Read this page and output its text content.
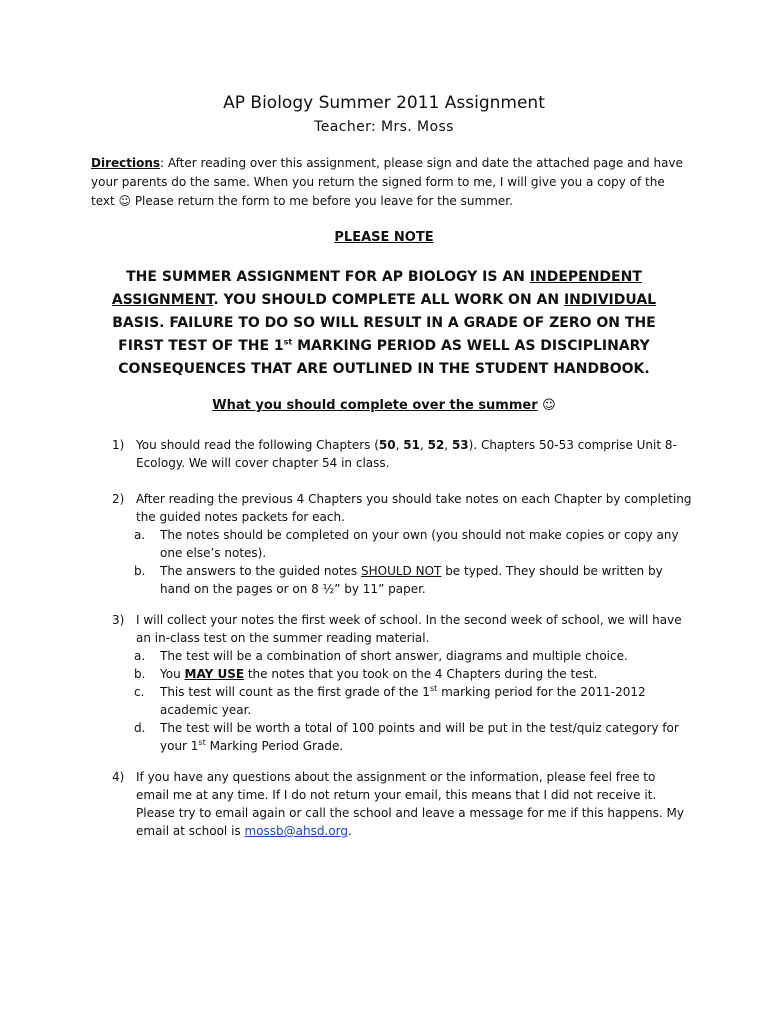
AP Biology Summer 2011 Assignment
Teacher: Mrs. Moss
Directions: After reading over this assignment, please sign and date the attached page and have your parents do the same. When you return the signed form to me, I will give you a copy of the text ☺ Please return the form to me before you leave for the summer.
PLEASE NOTE
THE SUMMER ASSIGNMENT FOR AP BIOLOGY IS AN INDEPENDENT ASSIGNMENT. YOU SHOULD COMPLETE ALL WORK ON AN INDIVIDUAL BASIS. FAILURE TO DO SO WILL RESULT IN A GRADE OF ZERO ON THE FIRST TEST OF THE 1st MARKING PERIOD AS WELL AS DISCIPLINARY CONSEQUENCES THAT ARE OUTLINED IN THE STUDENT HANDBOOK.
What you should complete over the summer ☺
1) You should read the following Chapters (50, 51, 52, 53). Chapters 50-53 comprise Unit 8- Ecology. We will cover chapter 54 in class.
2) After reading the previous 4 Chapters you should take notes on each Chapter by completing the guided notes packets for each.
a. The notes should be completed on your own (you should not make copies or copy any one else’s notes).
b. The answers to the guided notes SHOULD NOT be typed. They should be written by hand on the pages or on 8 ½” by 11” paper.
3) I will collect your notes the first week of school. In the second week of school, we will have an in-class test on the summer reading material.
a. The test will be a combination of short answer, diagrams and multiple choice.
b. You MAY USE the notes that you took on the 4 Chapters during the test.
c. This test will count as the first grade of the 1st marking period for the 2011-2012 academic year.
d. The test will be worth a total of 100 points and will be put in the test/quiz category for your 1st Marking Period Grade.
4) If you have any questions about the assignment or the information, please feel free to email me at any time. If I do not return your email, this means that I did not receive it. Please try to email again or call the school and leave a message for me if this happens. My email at school is mossb@ahsd.org.
